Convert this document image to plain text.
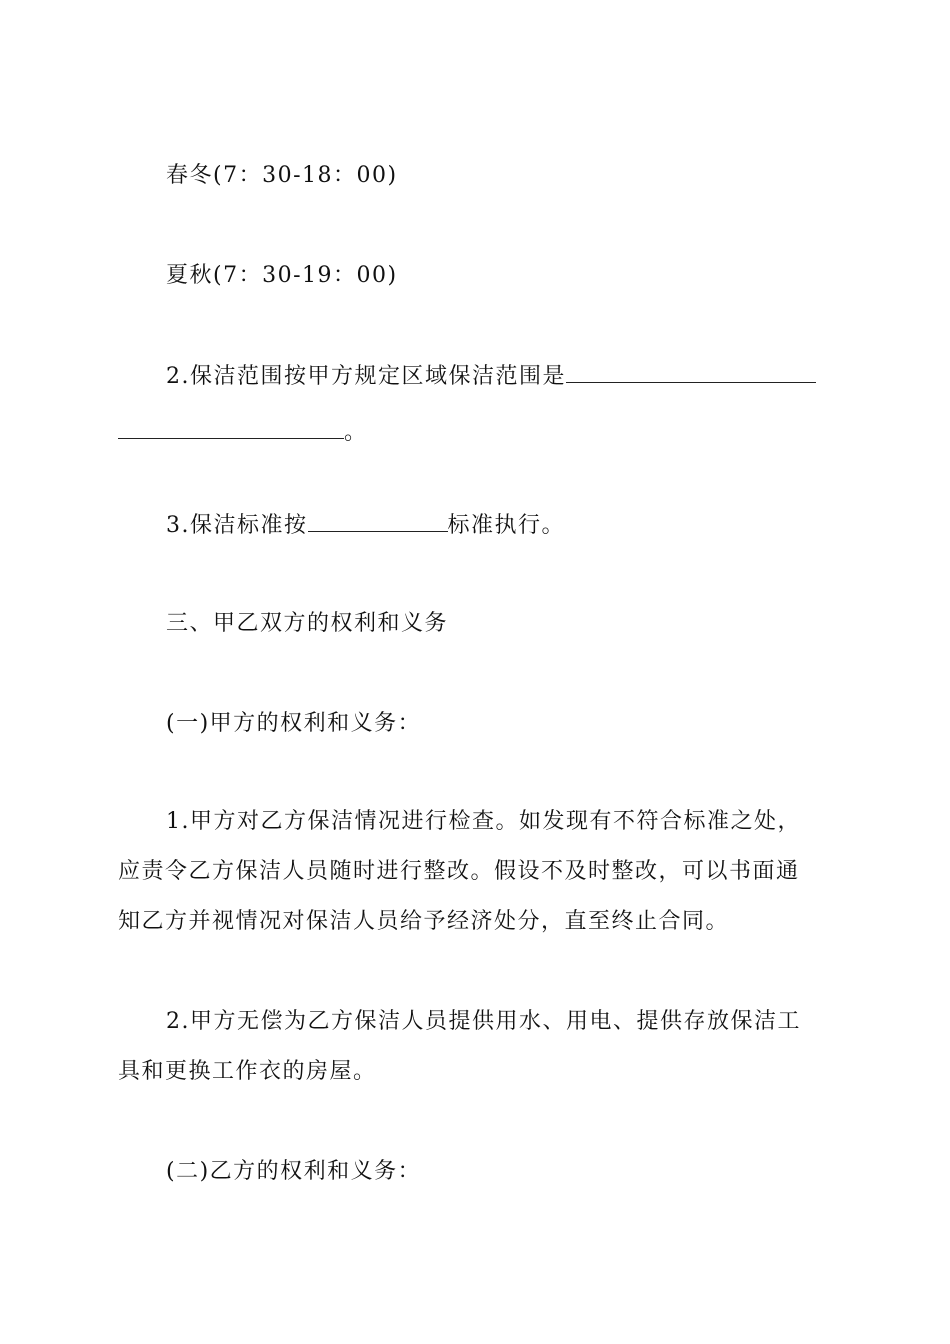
春冬(7：30-18：00)
夏秋(7：30-19：00)
2.保洁范围按甲方规定区域保洁范围是
。
3.保洁标准按	标准执行。
三、甲乙双方的权利和义务
(一)甲方的权利和义务：
1.甲方对乙方保洁情况进行检查。如发现有不符合标准之处，
应责令乙方保洁人员随时进行整改。假设不及时整改，可以书面通
知乙方并视情况对保洁人员给予经济处分，直至终止合同。
2.甲方无偿为乙方保洁人员提供用水、用电、提供存放保洁工
具和更换工作衣的房屋。
(二)乙方的权利和义务：
